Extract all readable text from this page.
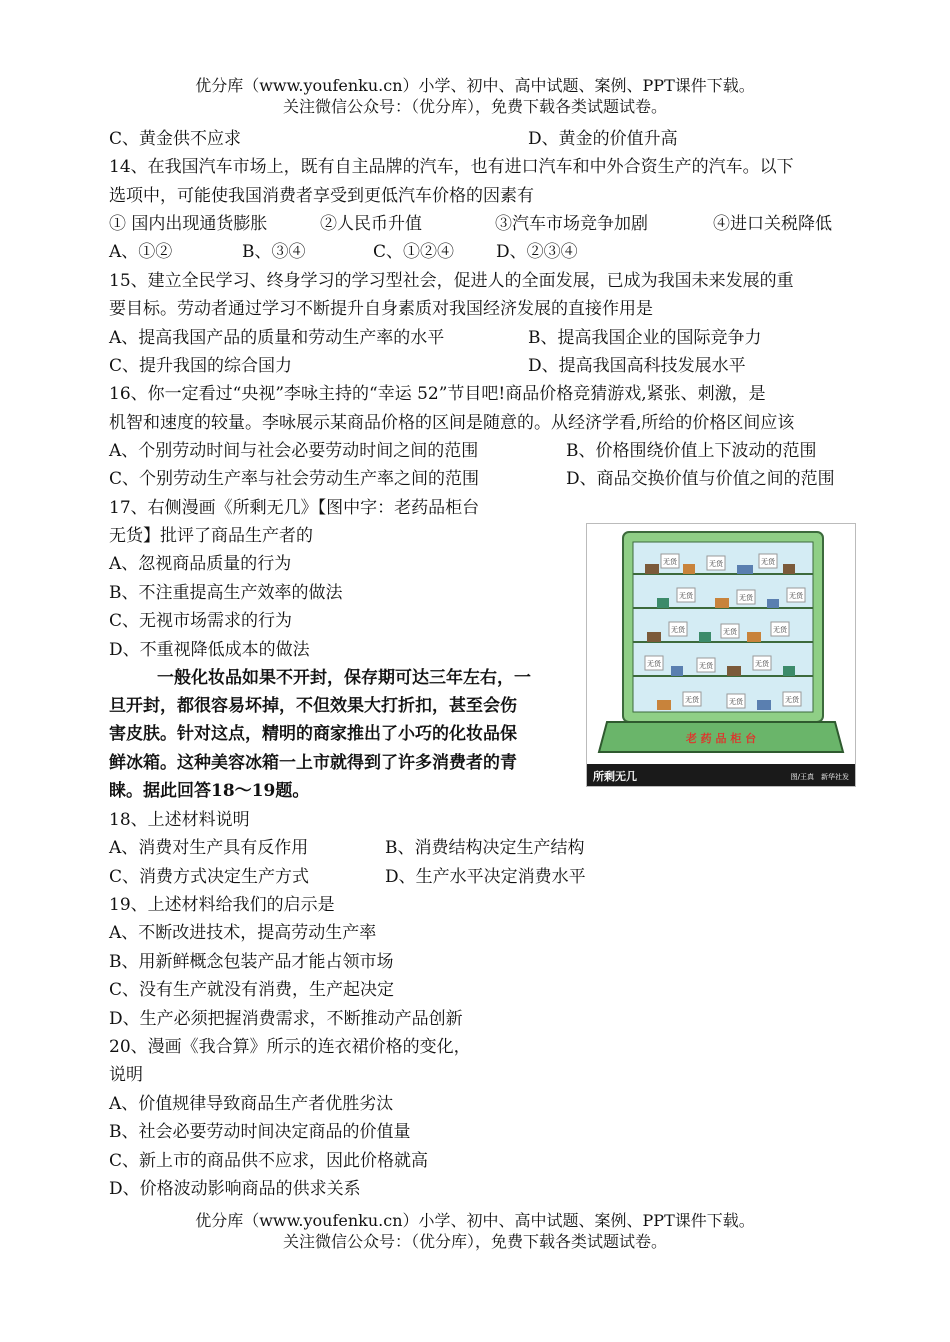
优分库（www.youfenku.cn）小学、初中、高中试题、案例、PPT课件下载。
关注微信公众号：（优分库），免费下载各类试题试卷。
C、黄金供不应求	D、黄金的价值升高
14、在我国汽车市场上，既有自主品牌的汽车，也有进口汽车和中外合资生产的汽车。以下
选项中，可能使我国消费者享受到更低汽车价格的因素有
① 国内出现通货膨胀	②人民币升值	③汽车市场竞争加剧	④进口关税降低
A、①②	B、③④	C、①②④ D、②③④
15、建立全民学习、终身学习的学习型社会，促进人的全面发展，已成为我国未来发展的重
要目标。劳动者通过学习不断提升自身素质对我国经济发展的直接作用是
A、提高我国产品的质量和劳动生产率的水平	B、提高我国企业的国际竞争力
C、提升我国的综合国力	D、提高我国高科技发展水平
16、你一定看过“央视”李咏主持的“幸运 52”节目吧!商品价格竞猜游戏,紧张、刺激，是
机智和速度的较量。李咏展示某商品价格的区间是随意的。从经济学看,所给的价格区间应该
A、个别劳动时间与社会必要劳动时间之间的范围	B、价格围绕价值上下波动的范围
C、个别劳动生产率与社会劳动生产率之间的范围	D、商品交换价值与价值之间的范围
17、右侧漫画《所剩无几》【图中字：老药品柜台
无货】批评了商品生产者的
A、忽视商品质量的行为
B、不注重提高生产效率的做法
C、无视市场需求的行为
D、不重视降低成本的做法
无货	无货	无货
无货	无货	无货
无货	无货	无货
无货	无货	无货
无货	无货	无货
老 药 品 柜 台
所剩无几	图/王真　新华社发
一般化妆品如果不开封，保存期可达三年左右，一
旦开封，都很容易坏掉，不但效果大打折扣，甚至会伤
害皮肤。针对这点，精明的商家推出了小巧的化妆品保
鲜冰箱。这种美容冰箱一上市就得到了许多消费者的青
睐。据此回答18～19题。
18、上述材料说明
A、消费对生产具有反作用	B、消费结构决定生产结构
C、消费方式决定生产方式	D、生产水平决定消费水平
19、上述材料给我们的启示是
A、不断改进技术，提高劳动生产率
B、用新鲜概念包装产品才能占领市场
C、没有生产就没有消费，生产起决定
D、生产必须把握消费需求，不断推动产品创新
20、漫画《我合算》所示的连衣裙价格的变化，
说明
A、价值规律导致商品生产者优胜劣汰
B、社会必要劳动时间决定商品的价值量
C、新上市的商品供不应求，因此价格就高
D、价格波动影响商品的供求关系
优分库（www.youfenku.cn）小学、初中、高中试题、案例、PPT课件下载。
关注微信公众号：（优分库），免费下载各类试题试卷。
